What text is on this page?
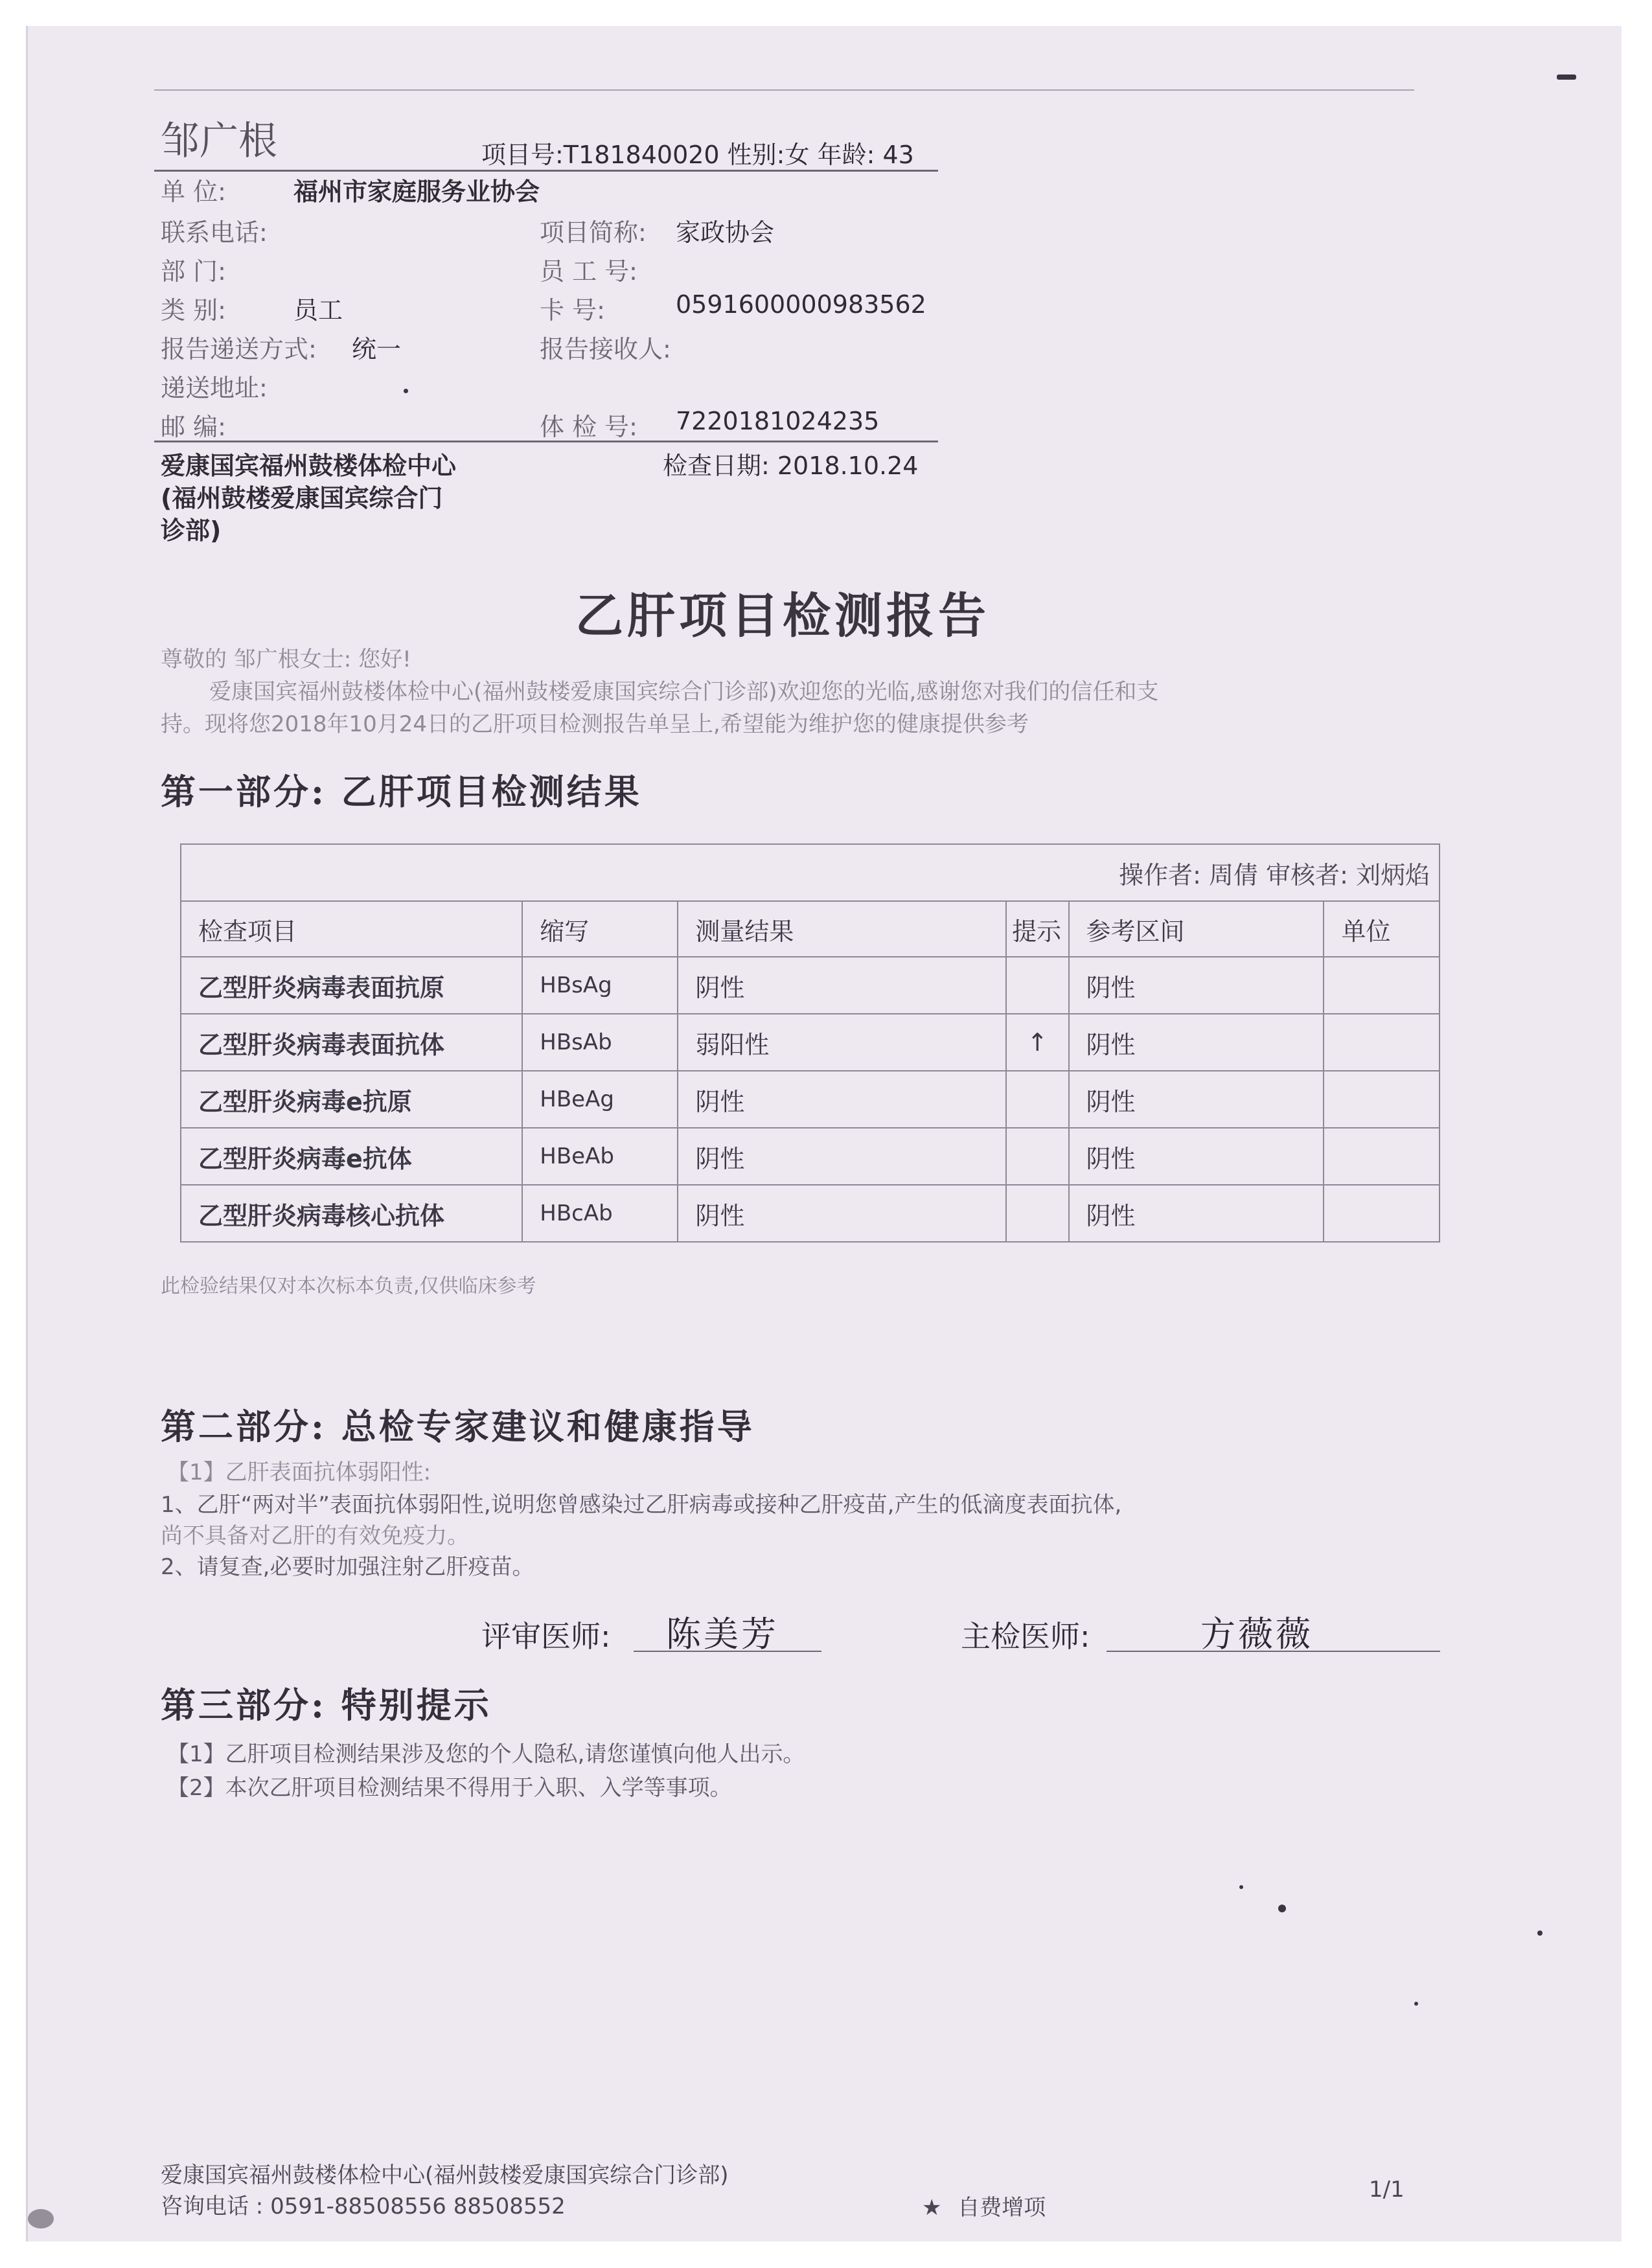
邹广根	项目号:T181840020 性别:女 年龄: 43
单 位:	福州市家庭服务业协会
联系电话:	项目简称: 家政协会
部 门:	员 工 号:
类 别:	员工	卡 号:	0591600000983562
报告递送方式: 统一	报告接收人:
递送地址:
邮 编:	体 检 号: 7220181024235
爱康国宾福州鼓楼体检中心
(福州鼓楼爱康国宾综合门
诊部)
检查日期: 2018.10.24
乙肝项目检测报告
尊敬的 邹广根女士: 您好!
爱康国宾福州鼓楼体检中心(福州鼓楼爱康国宾综合门诊部)欢迎您的光临,感谢您对我们的信任和支
持。现将您2018年10月24日的乙肝项目检测报告单呈上,希望能为维护您的健康提供参考
第一部分: 乙肝项目检测结果
操作者: 周倩 审核者: 刘炳焰					
检查项目	缩写	测量结果	提示	参考区间	单位
乙型肝炎病毒表面抗原	HBsAg	阴性		阴性	
乙型肝炎病毒表面抗体	HBsAb	弱阳性	↑	阴性	
乙型肝炎病毒e抗原	HBeAg	阴性		阴性	
乙型肝炎病毒e抗体	HBeAb	阴性		阴性	
乙型肝炎病毒核心抗体	HBcAb	阴性		阴性	
此检验结果仅对本次标本负责,仅供临床参考
第二部分: 总检专家建议和健康指导
【1】乙肝表面抗体弱阳性:
1、乙肝“两对半”表面抗体弱阳性,说明您曾感染过乙肝病毒或接种乙肝疫苗,产生的低滴度表面抗体,
尚不具备对乙肝的有效免疫力。
2、请复查,必要时加强注射乙肝疫苗。
评审医师: 陈美芳	主检医师:	方薇薇
第三部分: 特别提示
【1】乙肝项目检测结果涉及您的个人隐私,请您谨慎向他人出示。
【2】本次乙肝项目检测结果不得用于入职、入学等事项。
爱康国宾福州鼓楼体检中心(福州鼓楼爱康国宾综合门诊部)
咨询电话 : 0591-88508556 88508552	★ 自费增项
1/1
